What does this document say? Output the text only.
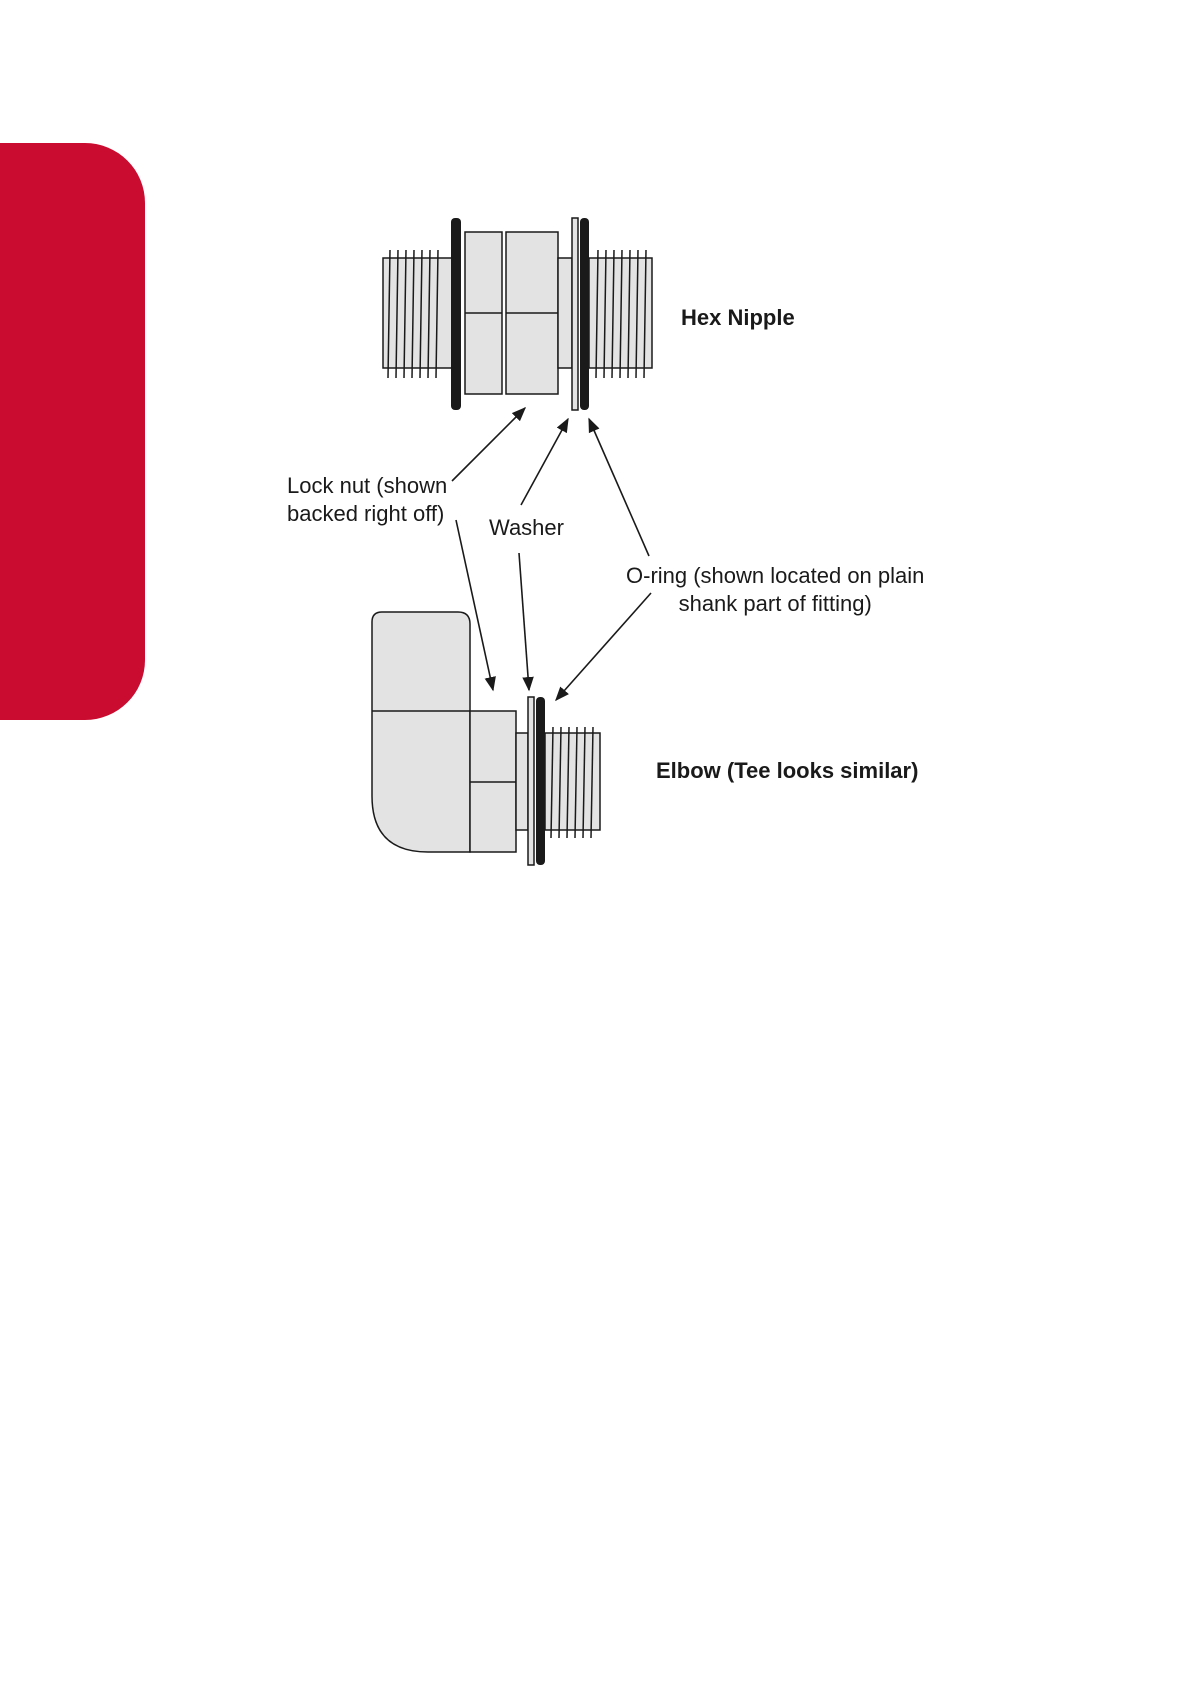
Hex Nipple
Lock nut (shown
backed right off)
Washer
O-ring (shown located on plain
shank part of fitting)
Elbow (Tee looks similar)
